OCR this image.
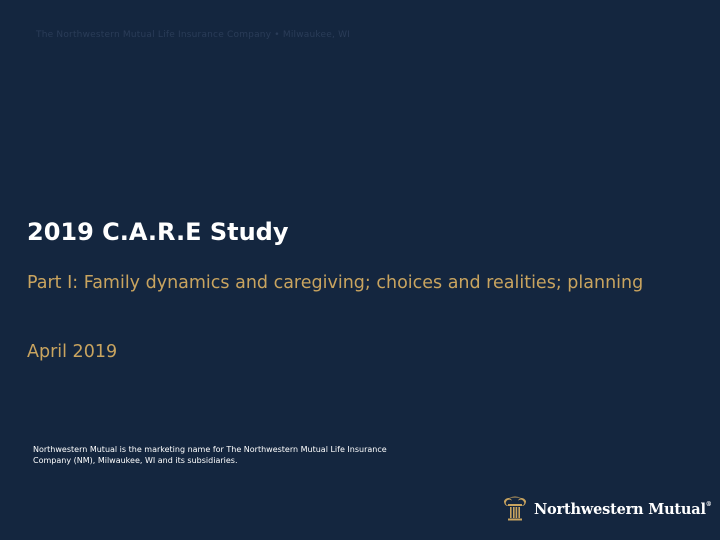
The Northwestern Mutual Life Insurance Company • Milwaukee, WI
2019 C.A.R.E Study
Part I: Family dynamics and caregiving; choices and realities; planning
April 2019
Northwestern Mutual is the marketing name for The Northwestern Mutual Life Insurance Company (NM), Milwaukee, WI and its subsidiaries.
Northwestern Mutual®
